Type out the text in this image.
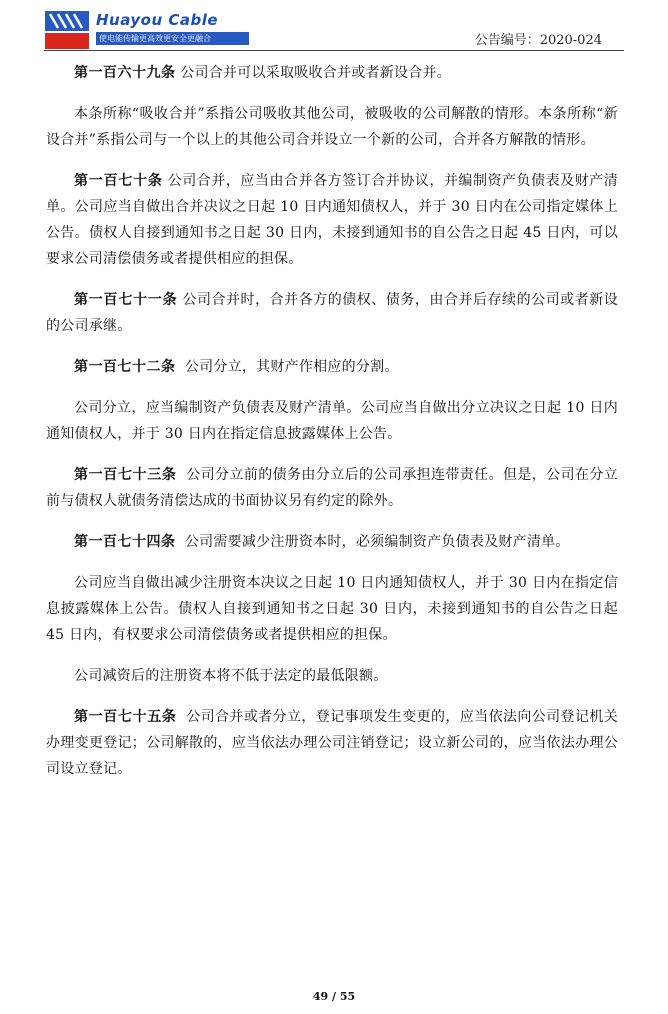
Huayou Cable
使电能传输更高效更安全更融合	公告编号：2020-024

第一百六十九条 公司合并可以采取吸收合并或者新设合并。

本条所称“吸收合并”系指公司吸收其他公司，被吸收的公司解散的情形。本条所称“新设合并”系指公司与一个以上的其他公司合并设立一个新的公司，合并各方解散的情形。

第一百七十条 公司合并，应当由合并各方签订合并协议，并编制资产负债表及财产清单。公司应当自做出合并决议之日起 10 日内通知债权人，并于 30 日内在公司指定媒体上公告。债权人自接到通知书之日起 30 日内，未接到通知书的自公告之日起 45 日内，可以要求公司清偿债务或者提供相应的担保。

第一百七十一条 公司合并时，合并各方的债权、债务，由合并后存续的公司或者新设的公司承继。

第一百七十二条 公司分立，其财产作相应的分割。

公司分立，应当编制资产负债表及财产清单。公司应当自做出分立决议之日起 10 日内通知债权人，并于 30 日内在指定信息披露媒体上公告。

第一百七十三条 公司分立前的债务由分立后的公司承担连带责任。但是，公司在分立前与债权人就债务清偿达成的书面协议另有约定的除外。

第一百七十四条 公司需要减少注册资本时，必须编制资产负债表及财产清单。

公司应当自做出减少注册资本决议之日起 10 日内通知债权人，并于 30 日内在指定信息披露媒体上公告。债权人自接到通知书之日起 30 日内，未接到通知书的自公告之日起 45 日内，有权要求公司清偿债务或者提供相应的担保。

公司减资后的注册资本将不低于法定的最低限额。

第一百七十五条 公司合并或者分立，登记事项发生变更的，应当依法向公司登记机关办理变更登记；公司解散的，应当依法办理公司注销登记；设立新公司的，应当依法办理公司设立登记。

49 / 55
